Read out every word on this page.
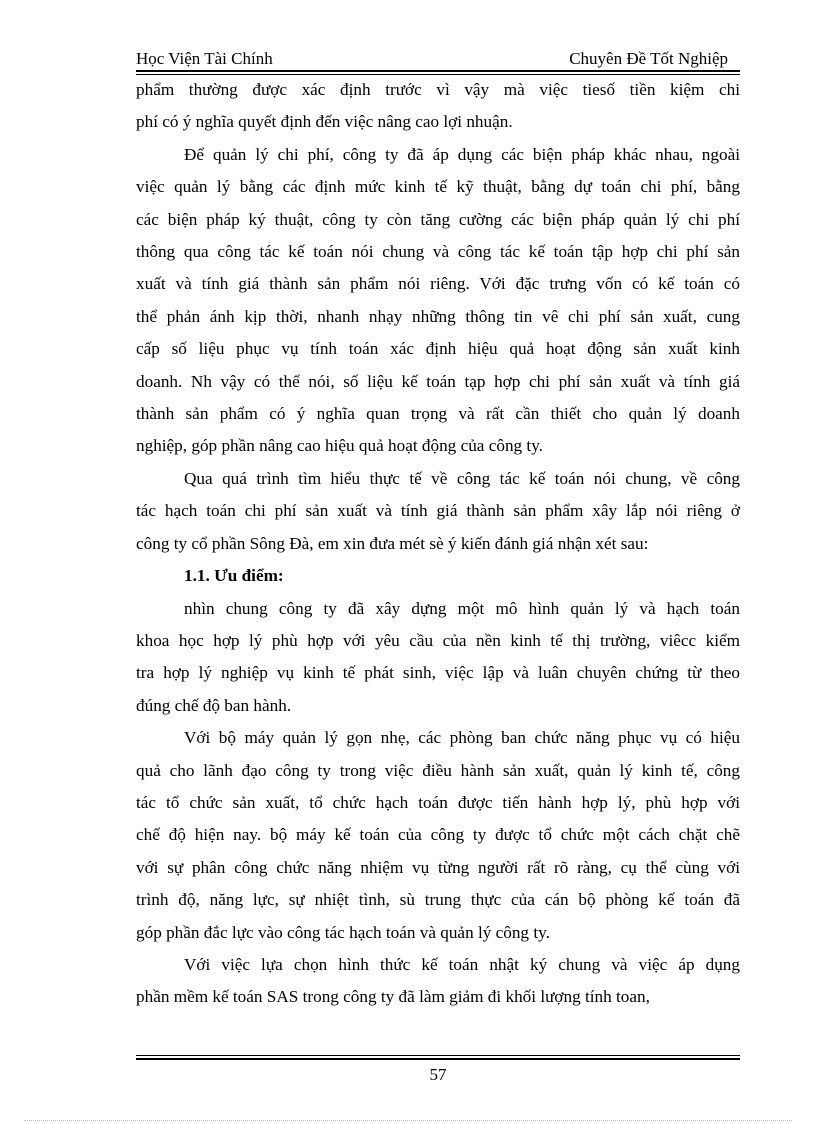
Học Viện Tài Chính	Chuyên Đề Tốt Nghiệp

phẩm thường được xác định trước vì vậy mà việc tiesố tiền kiệm chi

phí có ý nghĩa quyết định đến việc nâng cao lợi nhuận.

Để quản lý chi phí, công ty đã áp dụng các biện pháp khác nhau, ngoài

việc quản lý bằng các định mức kinh tế kỹ thuật, bằng dự toán chi phí, bằng

các biện pháp ký thuật, công ty còn tăng cường các biện pháp quản lý chi phí

thông qua công tác kế toán nói chung và công tác kế toán tập hợp chi phí sản

xuất và tính giá thành sản phẩm nói riêng. Với đặc trưng vốn có kế toán có

thể phản ánh kịp thời, nhanh nhạy những thông tin vê chi phí sản xuất, cung

cấp số liệu phục vụ tính toán xác định hiệu quả hoạt động sản xuất kinh

doanh. Nh vậy có thể nói, số liệu kế toán tạp hợp chi phí sản xuất và tính giá

thành sản phẩm có ý nghĩa quan trọng và rất cần thiết cho quản lý doanh

nghiệp, góp phần nâng cao hiệu quả hoạt động của công ty.

Qua quá trình tìm hiểu thực tế về công tác kế toán nói chung, về công

tác hạch toán chi phí sản xuất và tính giá thành sản phẩm xây lắp nói riêng ở

công ty cổ phần Sông Đà, em xin đưa mét sè ý kiến đánh giá nhận xét sau:

1.1. Ưu điểm:

nhìn chung công ty đã xây dựng một mô hình quản lý và hạch toán

khoa học hợp lý phù hợp với yêu cầu của nền kinh tế thị trường, viêcc kiểm

tra hợp lý nghiệp vụ kinh tế phát sinh, việc lập và luân chuyên chứng từ theo

đúng chế độ ban hành.

Với bộ máy quản lý gọn nhẹ, các phòng ban chức năng phục vụ có hiệu

quả cho lãnh đạo công ty trong việc điều hành sản xuất, quản lý kinh tế, công

tác tổ chức sản xuất, tổ chức hạch toán được tiến hành hợp lý, phù hợp với

chế độ hiện nay. bộ máy kế toán của công ty được tổ chức một cách chặt chẽ

với sự phân công chức năng nhiệm vụ từng người rất rõ ràng, cụ thể cùng với

trình độ, năng lực, sự nhiệt tình, sù trung thực của cán bộ phòng kế toán đã

góp phần đắc lực vào công tác hạch toán và quản lý công ty.

Với việc lựa chọn hình thức kế toán nhật ký chung và việc áp dụng

phần mềm kế toán SAS trong công ty đã làm giảm đi khối lượng tính toan,

57
